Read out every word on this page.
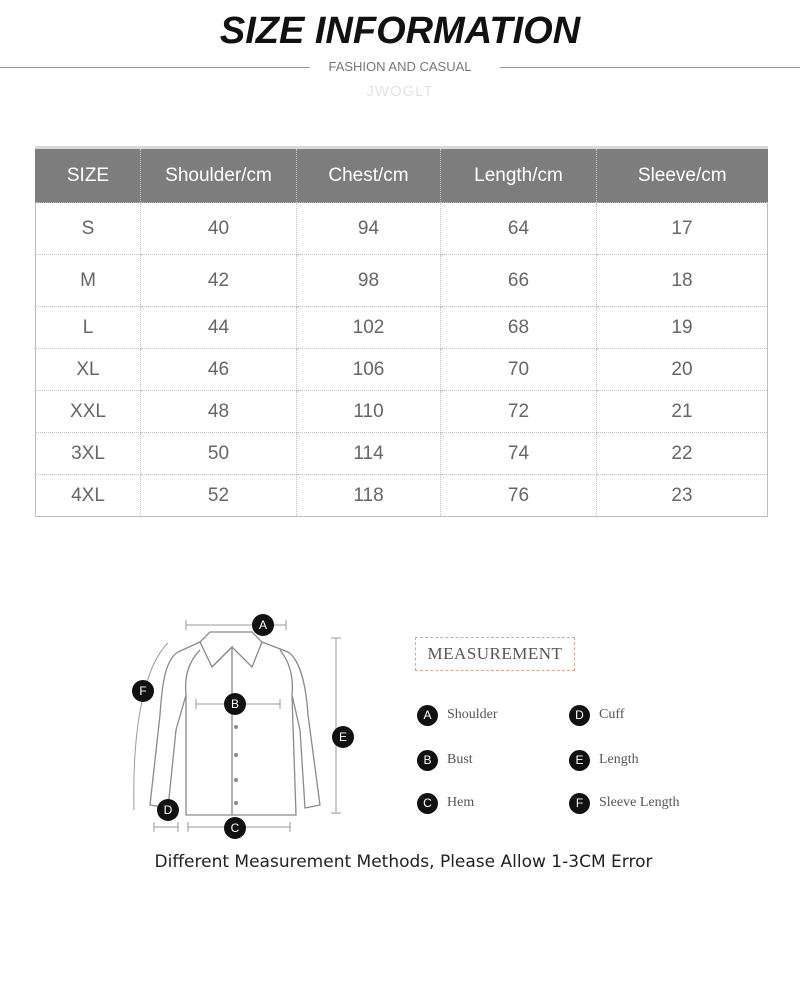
SIZE INFORMATION
FASHION AND CASUAL
JWOGLT
SIZE	Shoulder/cm	Chest/cm	Length/cm	Sleeve/cm
S	40	94	64	17
M	42	98	66	18
L	44	102	68	19
XL	46	106	70	20
XXL	48	110	72	21
3XL	50	114	74	22
4XL	52	118	76	23
A
B
C
D
E
F
MEASUREMENT
A	Shoulder
B	Bust
C	Hem
D	Cuff
E	Length
F	Sleeve Length
Different Measurement Methods, Please Allow 1-3CM Error
